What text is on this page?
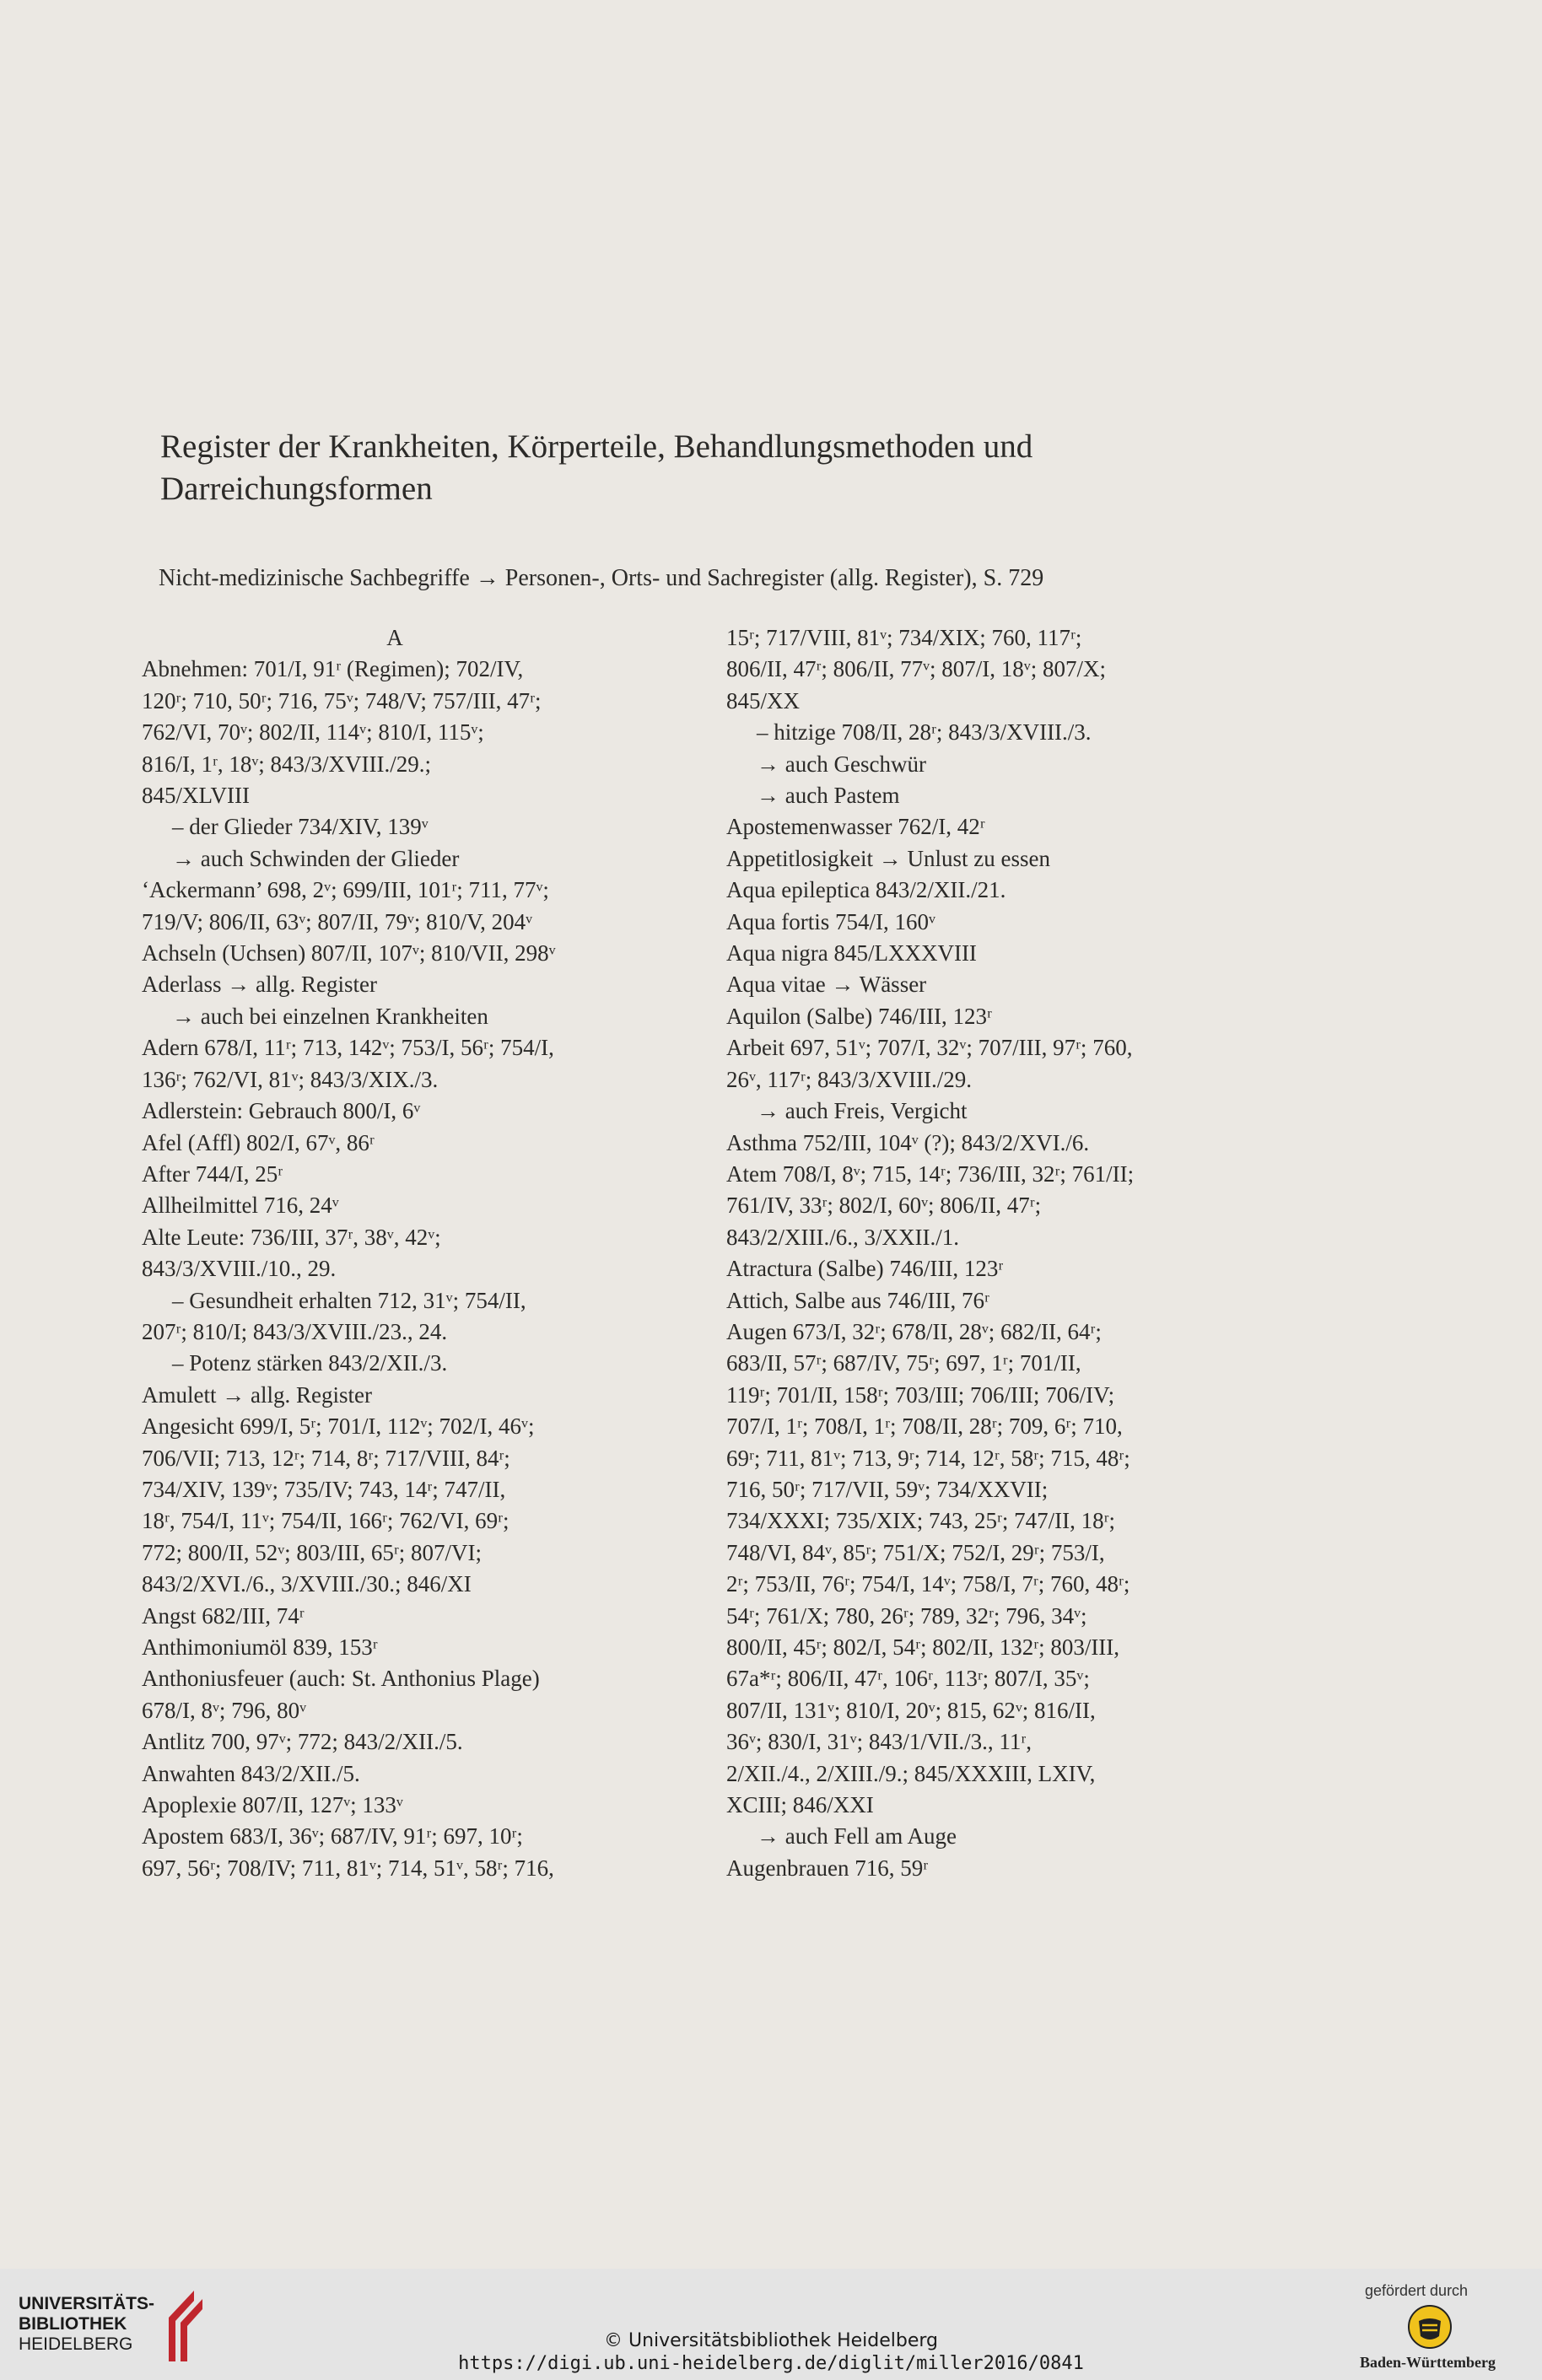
Register der Krankheiten, Körperteile, Behandlungsmethoden und Darreichungsformen
Nicht-medizinische Sachbegriffe → Personen-, Orts- und Sachregister (allg. Register), S. 729

A

Abnehmen: 701/I, 91ʳ (Regimen); 702/IV,

120ʳ; 710, 50ʳ; 716, 75ᵛ; 748/V; 757/III, 47ʳ;

762/VI, 70ᵛ; 802/II, 114ᵛ; 810/I, 115ᵛ;

816/I, 1ʳ, 18ᵛ; 843/3/XVIII./29.;

845/XLVIII

– der Glieder 734/XIV, 139ᵛ

→ auch Schwinden der Glieder

‘Ackermann’ 698, 2ᵛ; 699/III, 101ʳ; 711, 77ᵛ;

719/V; 806/II, 63ᵛ; 807/II, 79ᵛ; 810/V, 204ᵛ

Achseln (Uchsen) 807/II, 107ᵛ; 810/VII, 298ᵛ

Aderlass → allg. Register

→ auch bei einzelnen Krankheiten

Adern 678/I, 11ʳ; 713, 142ᵛ; 753/I, 56ʳ; 754/I,

136ʳ; 762/VI, 81ᵛ; 843/3/XIX./3.

Adlerstein: Gebrauch 800/I, 6ᵛ

Afel (Affl) 802/I, 67ᵛ, 86ʳ

After 744/I, 25ʳ

Allheilmittel 716, 24ᵛ

Alte Leute: 736/III, 37ʳ, 38ᵛ, 42ᵛ;

843/3/XVIII./10., 29.

– Gesundheit erhalten 712, 31ᵛ; 754/II,

207ʳ; 810/I; 843/3/XVIII./23., 24.

– Potenz stärken 843/2/XII./3.

Amulett → allg. Register

Angesicht 699/I, 5ʳ; 701/I, 112ᵛ; 702/I, 46ᵛ;

706/VII; 713, 12ʳ; 714, 8ʳ; 717/VIII, 84ʳ;

734/XIV, 139ᵛ; 735/IV; 743, 14ʳ; 747/II,

18ʳ, 754/I, 11ᵛ; 754/II, 166ʳ; 762/VI, 69ʳ;

772; 800/II, 52ᵛ; 803/III, 65ʳ; 807/VI;

843/2/XVI./6., 3/XVIII./30.; 846/XI

Angst 682/III, 74ʳ

Anthimoniumöl 839, 153ʳ

Anthoniusfeuer (auch: St. Anthonius Plage)

678/I, 8ᵛ; 796, 80ᵛ

Antlitz 700, 97ᵛ; 772; 843/2/XII./5.

Anwahten 843/2/XII./5.

Apoplexie 807/II, 127ᵛ; 133ᵛ

Apostem 683/I, 36ᵛ; 687/IV, 91ʳ; 697, 10ʳ;

697, 56ʳ; 708/IV; 711, 81ᵛ; 714, 51ᵛ, 58ʳ; 716,

15ʳ; 717/VIII, 81ᵛ; 734/XIX; 760, 117ʳ;

806/II, 47ʳ; 806/II, 77ᵛ; 807/I, 18ᵛ; 807/X;

845/XX

– hitzige 708/II, 28ʳ; 843/3/XVIII./3.

→ auch Geschwür

→ auch Pastem

Apostemenwasser 762/I, 42ʳ

Appetitlosigkeit → Unlust zu essen

Aqua epileptica 843/2/XII./21.

Aqua fortis 754/I, 160ᵛ

Aqua nigra 845/LXXXVIII

Aqua vitae → Wässer

Aquilon (Salbe) 746/III, 123ʳ

Arbeit 697, 51ᵛ; 707/I, 32ᵛ; 707/III, 97ʳ; 760,

26ᵛ, 117ʳ; 843/3/XVIII./29.

→ auch Freis, Vergicht

Asthma 752/III, 104ᵛ (?); 843/2/XVI./6.

Atem 708/I, 8ᵛ; 715, 14ʳ; 736/III, 32ʳ; 761/II;

761/IV, 33ʳ; 802/I, 60ᵛ; 806/II, 47ʳ;

843/2/XIII./6., 3/XXII./1.

Atractura (Salbe) 746/III, 123ʳ

Attich, Salbe aus 746/III, 76ʳ

Augen 673/I, 32ʳ; 678/II, 28ᵛ; 682/II, 64ʳ;

683/II, 57ʳ; 687/IV, 75ʳ; 697, 1ʳ; 701/II,

119ʳ; 701/II, 158ʳ; 703/III; 706/III; 706/IV;

707/I, 1ʳ; 708/I, 1ʳ; 708/II, 28ʳ; 709, 6ʳ; 710,

69ʳ; 711, 81ᵛ; 713, 9ʳ; 714, 12ʳ, 58ʳ; 715, 48ʳ;

716, 50ʳ; 717/VII, 59ᵛ; 734/XXVII;

734/XXXI; 735/XIX; 743, 25ʳ; 747/II, 18ʳ;

748/VI, 84ᵛ, 85ʳ; 751/X; 752/I, 29ʳ; 753/I,

2ʳ; 753/II, 76ʳ; 754/I, 14ᵛ; 758/I, 7ʳ; 760, 48ʳ;

54ʳ; 761/X; 780, 26ʳ; 789, 32ʳ; 796, 34ᵛ;

800/II, 45ʳ; 802/I, 54ʳ; 802/II, 132ʳ; 803/III,

67a*ʳ; 806/II, 47ʳ, 106ʳ, 113ʳ; 807/I, 35ᵛ;

807/II, 131ᵛ; 810/I, 20ᵛ; 815, 62ᵛ; 816/II,

36ᵛ; 830/I, 31ᵛ; 843/1/VII./3., 11ʳ,

2/XII./4., 2/XIII./9.; 845/XXXIII, LXIV,

XCIII; 846/XXI

→ auch Fell am Auge

Augenbrauen 716, 59ʳ

UNIVERSITÄTS-
BIBLIOTHEK
HEIDELBERG	© Universitätsbibliothek Heidelberg
https://digi.ub.uni-heidelberg.de/diglit/miller2016/0841
gefördert durch
Baden-Württemberg
